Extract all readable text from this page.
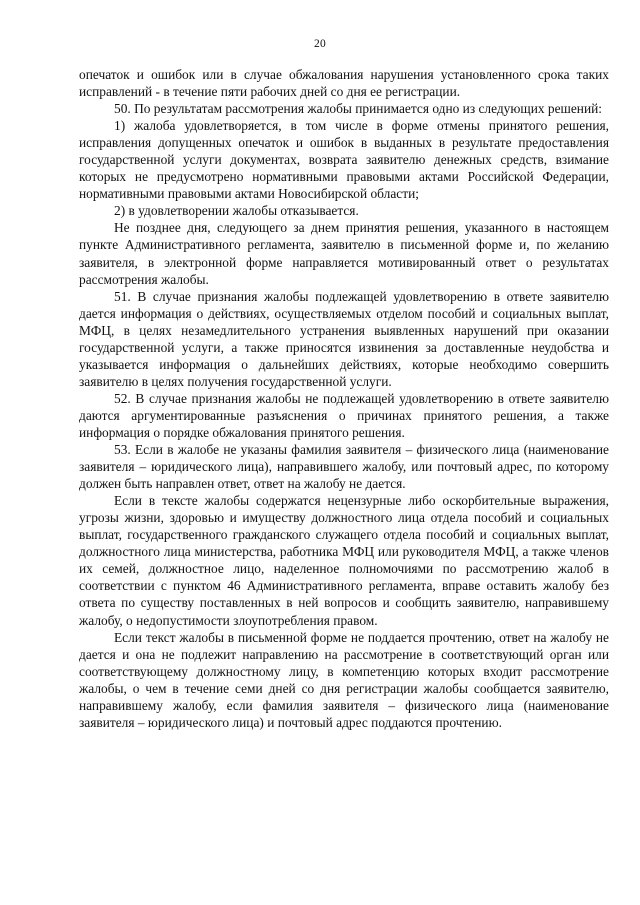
20

опечаток и ошибок или в случае обжалования нарушения установленного срока таких исправлений - в течение пяти рабочих дней со дня ее регистрации.

50. По результатам рассмотрения жалобы принимается одно из следующих решений:

1) жалоба удовлетворяется, в том числе в форме отмены принятого решения, исправления допущенных опечаток и ошибок в выданных в результате предоставления государственной услуги документах, возврата заявителю денежных средств, взимание которых не предусмотрено нормативными правовыми актами Российской Федерации, нормативными правовыми актами Новосибирской области;

2) в удовлетворении жалобы отказывается.

Не позднее дня, следующего за днем принятия решения, указанного в настоящем пункте Административного регламента, заявителю в письменной форме и, по желанию заявителя, в электронной форме направляется мотивированный ответ о результатах рассмотрения жалобы.

51. В случае признания жалобы подлежащей удовлетворению в ответе заявителю дается информация о действиях, осуществляемых отделом пособий и социальных выплат, МФЦ, в целях незамедлительного устранения выявленных нарушений при оказании государственной услуги, а также приносятся извинения за доставленные неудобства и указывается информация о дальнейших действиях, которые необходимо совершить заявителю в целях получения государственной услуги.

52. В случае признания жалобы не подлежащей удовлетворению в ответе заявителю даются аргументированные разъяснения о причинах принятого решения, а также информация о порядке обжалования принятого решения.

53. Если в жалобе не указаны фамилия заявителя – физического лица (наименование заявителя – юридического лица), направившего жалобу, или почтовый адрес, по которому должен быть направлен ответ, ответ на жалобу не дается.

Если в тексте жалобы содержатся нецензурные либо оскорбительные выражения, угрозы жизни, здоровью и имуществу должностного лица отдела пособий и социальных выплат, государственного гражданского служащего отдела пособий и социальных выплат, должностного лица министерства, работника МФЦ или руководителя МФЦ, а также членов их семей, должностное лицо, наделенное полномочиями по рассмотрению жалоб в соответствии с пунктом 46 Административного регламента, вправе оставить жалобу без ответа по существу поставленных в ней вопросов и сообщить заявителю, направившему жалобу, о недопустимости злоупотребления правом.

Если текст жалобы в письменной форме не поддается прочтению, ответ на жалобу не дается и она не подлежит направлению на рассмотрение в соответствующий орган или соответствующему должностному лицу, в компетенцию которых входит рассмотрение жалобы, о чем в течение семи дней со дня регистрации жалобы сообщается заявителю, направившему жалобу, если фамилия заявителя – физического лица (наименование заявителя – юридического лица) и почтовый адрес поддаются прочтению.
